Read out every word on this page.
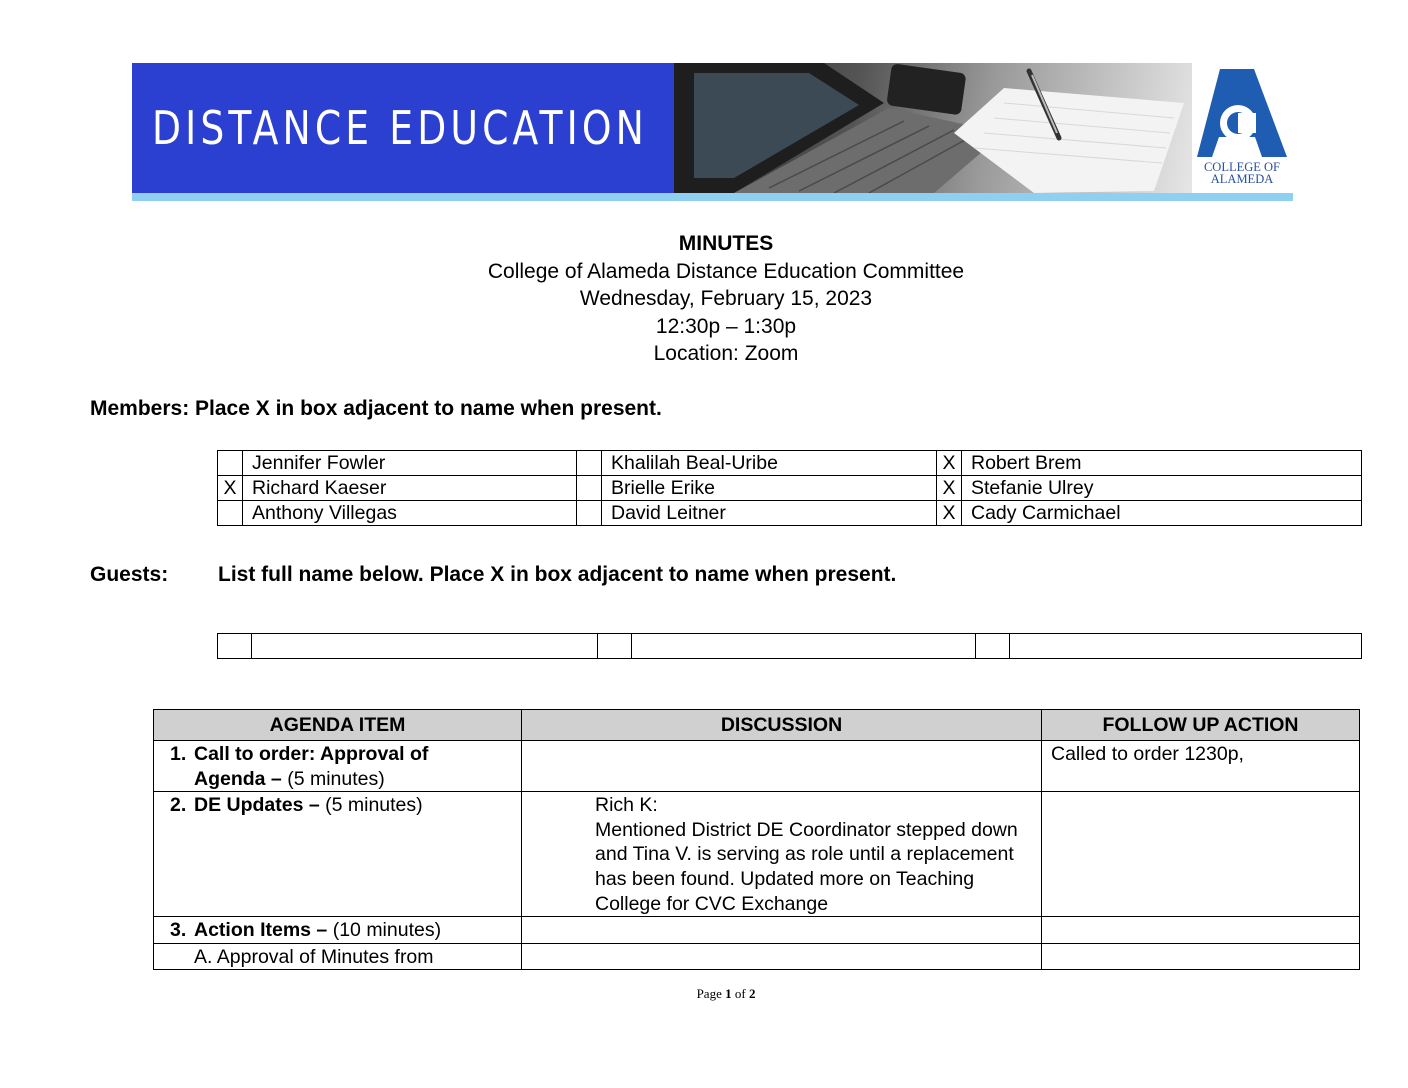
DISTANCE EDUCATION
COLLEGE OF
ALAMEDA
MINUTES
College of Alameda Distance Education Committee
Wednesday, February 15, 2023
12:30p – 1:30p
Location: Zoom
Members: Place X in box adjacent to name when present.
	Jennifer Fowler		Khalilah Beal-Uribe	X	Robert Brem
X	Richard Kaeser		Brielle Erike	X	Stefanie Ulrey
	Anthony Villegas		David Leitner	X	Cady Carmichael
Guests: List full name below. Place X in box adjacent to name when present.

AGENDA ITEM	DISCUSSION	FOLLOW UP ACTION

1. Call to order: Approval of
Agenda – (5 minutes)		Called to order 1230p,

2. DE Updates – (5 minutes)	Rich K:
Mentioned District DE Coordinator stepped down and Tina V. is serving as role until a replacement has been found. Updated more on Teaching College for CVC Exchange	

3. Action Items – (10 minutes)		

A. Approval of Minutes from		

Page 1 of 2
